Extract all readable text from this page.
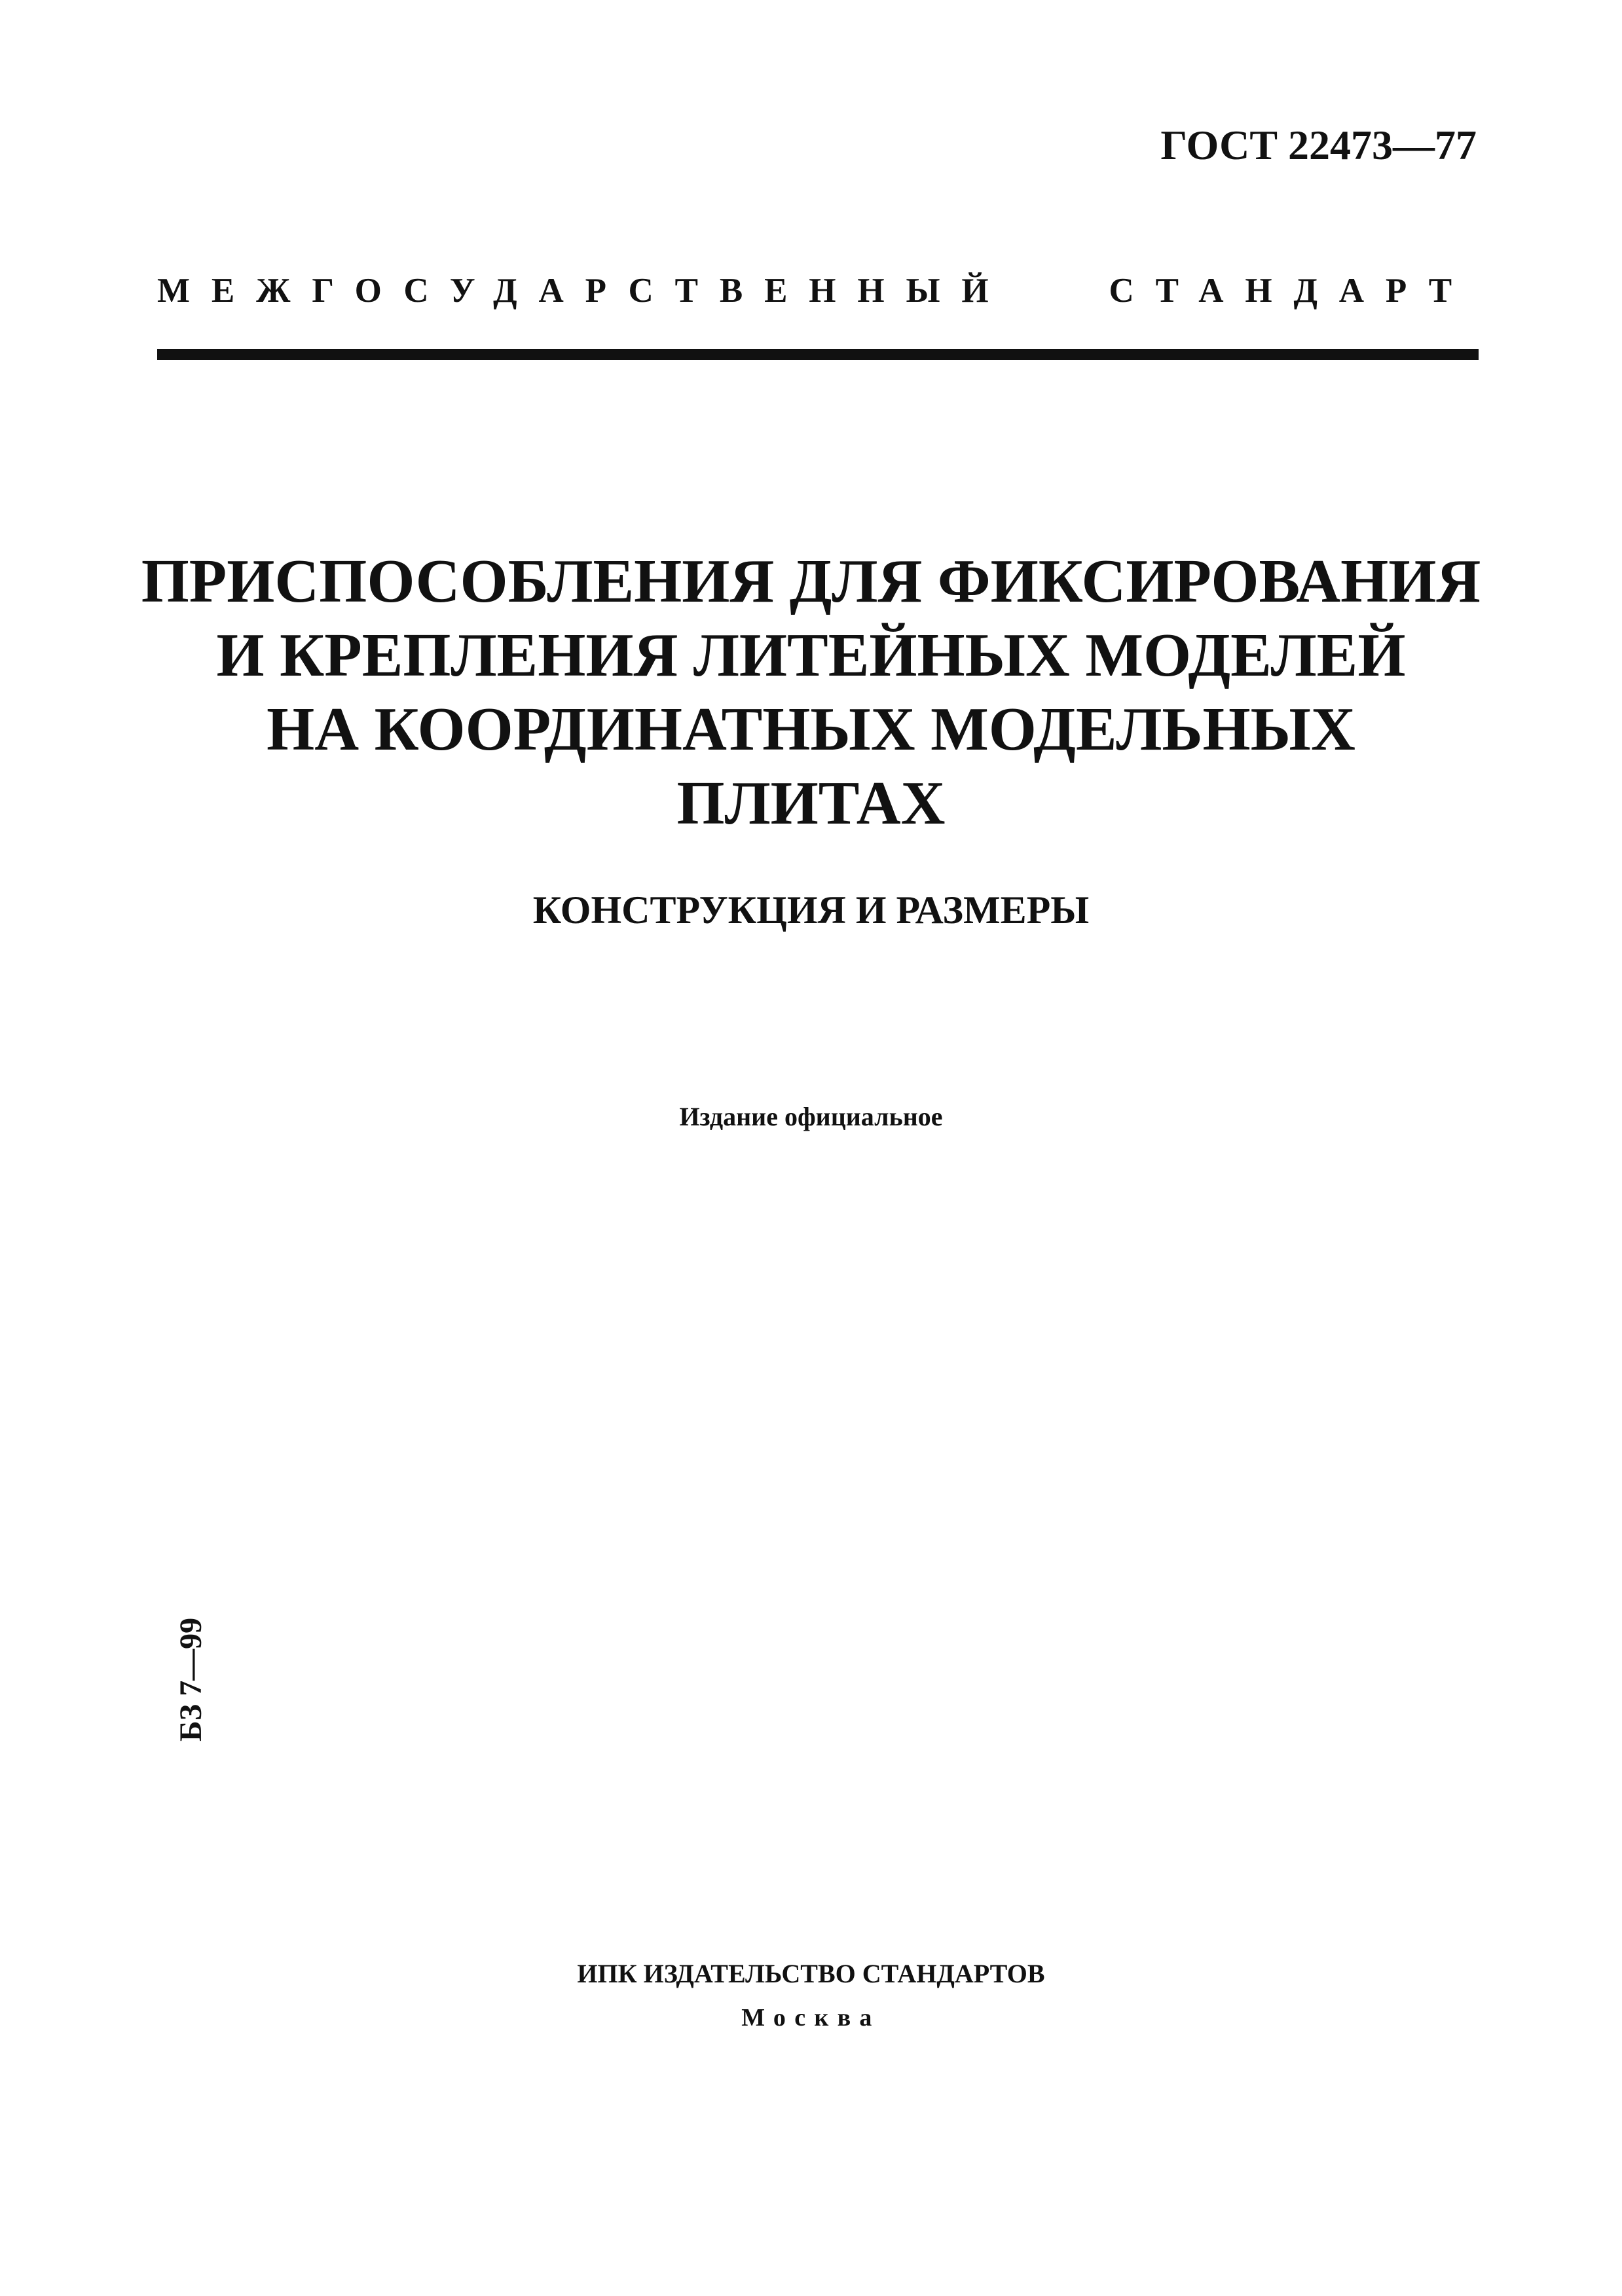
ГОСТ 22473—77
МЕЖГОСУДАРСТВЕННЫЙ	СТАНДАРТ
ПРИСПОСОБЛЕНИЯ ДЛЯ ФИКСИРОВАНИЯ
И КРЕПЛЕНИЯ ЛИТЕЙНЫХ МОДЕЛЕЙ
НА КООРДИНАТНЫХ МОДЕЛЬНЫХ
ПЛИТАХ
КОНСТРУКЦИЯ И РАЗМЕРЫ
Издание официальное
БЗ 7—99
ИПК ИЗДАТЕЛЬСТВО СТАНДАРТОВ
Москва
